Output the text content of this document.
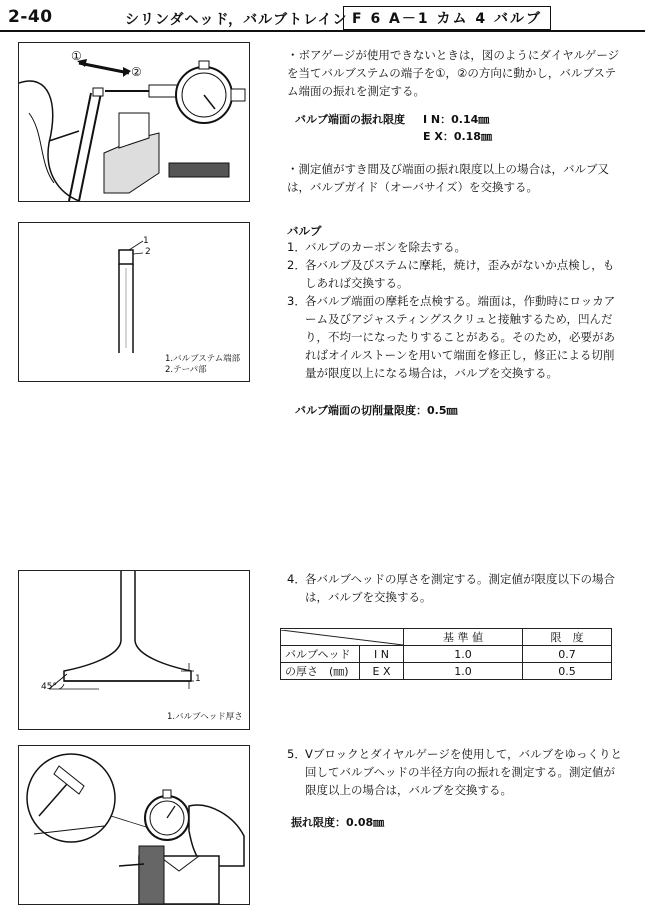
2-40	シリンダヘッド，バルブトレイン F 6 A－1 カム 4 バルブ
①
②
・ボアゲージが使用できないときは，図のようにダイヤルゲージを当てバルブステムの端子を①，②の方向に動かし，バルブステム端面の振れを測定する。
バルブ端面の振れ限度 I N：0.14㎜
E X：0.18㎜
・測定値がすき間及び端面の振れ限度以上の場合は，バルブ又は，バルブガイド（オーバサイズ）を交換する。
1
2
1.バルブステム端部
2.テーパ部
バルブ
1． バルブのカーボンを除去する。
2． 各バルブ及びステムに摩耗，焼け，歪みがないか点検し，もしあれば交換する。
3． 各バルブ端面の摩耗を点検する。端面は，作動時にロッカアーム及びアジャスティングスクリュと接触するため，凹んだり，不均一になったりすることがある。そのため，必要があればオイルストーンを用いて端面を修正し，修正による切削量が限度以上になる場合は，バルブを交換する。
バルブ端面の切削量限度：0.5㎜
45°
1
1.バルブヘッド厚さ
4． 各バルブヘッドの厚さを測定する。測定値が限度以下の場合は，バルブを交換する。
	基 準 値	限　度
バルブヘッド	I N	1.0	0.7
の厚さ　(㎜)	E X	1.0	0.5
5． Vブロックとダイヤルゲージを使用して，バルブをゆっくりと回してバルブヘッドの半径方向の振れを測定する。測定値が限度以上の場合は，バルブを交換する。
振れ限度：0.08㎜
